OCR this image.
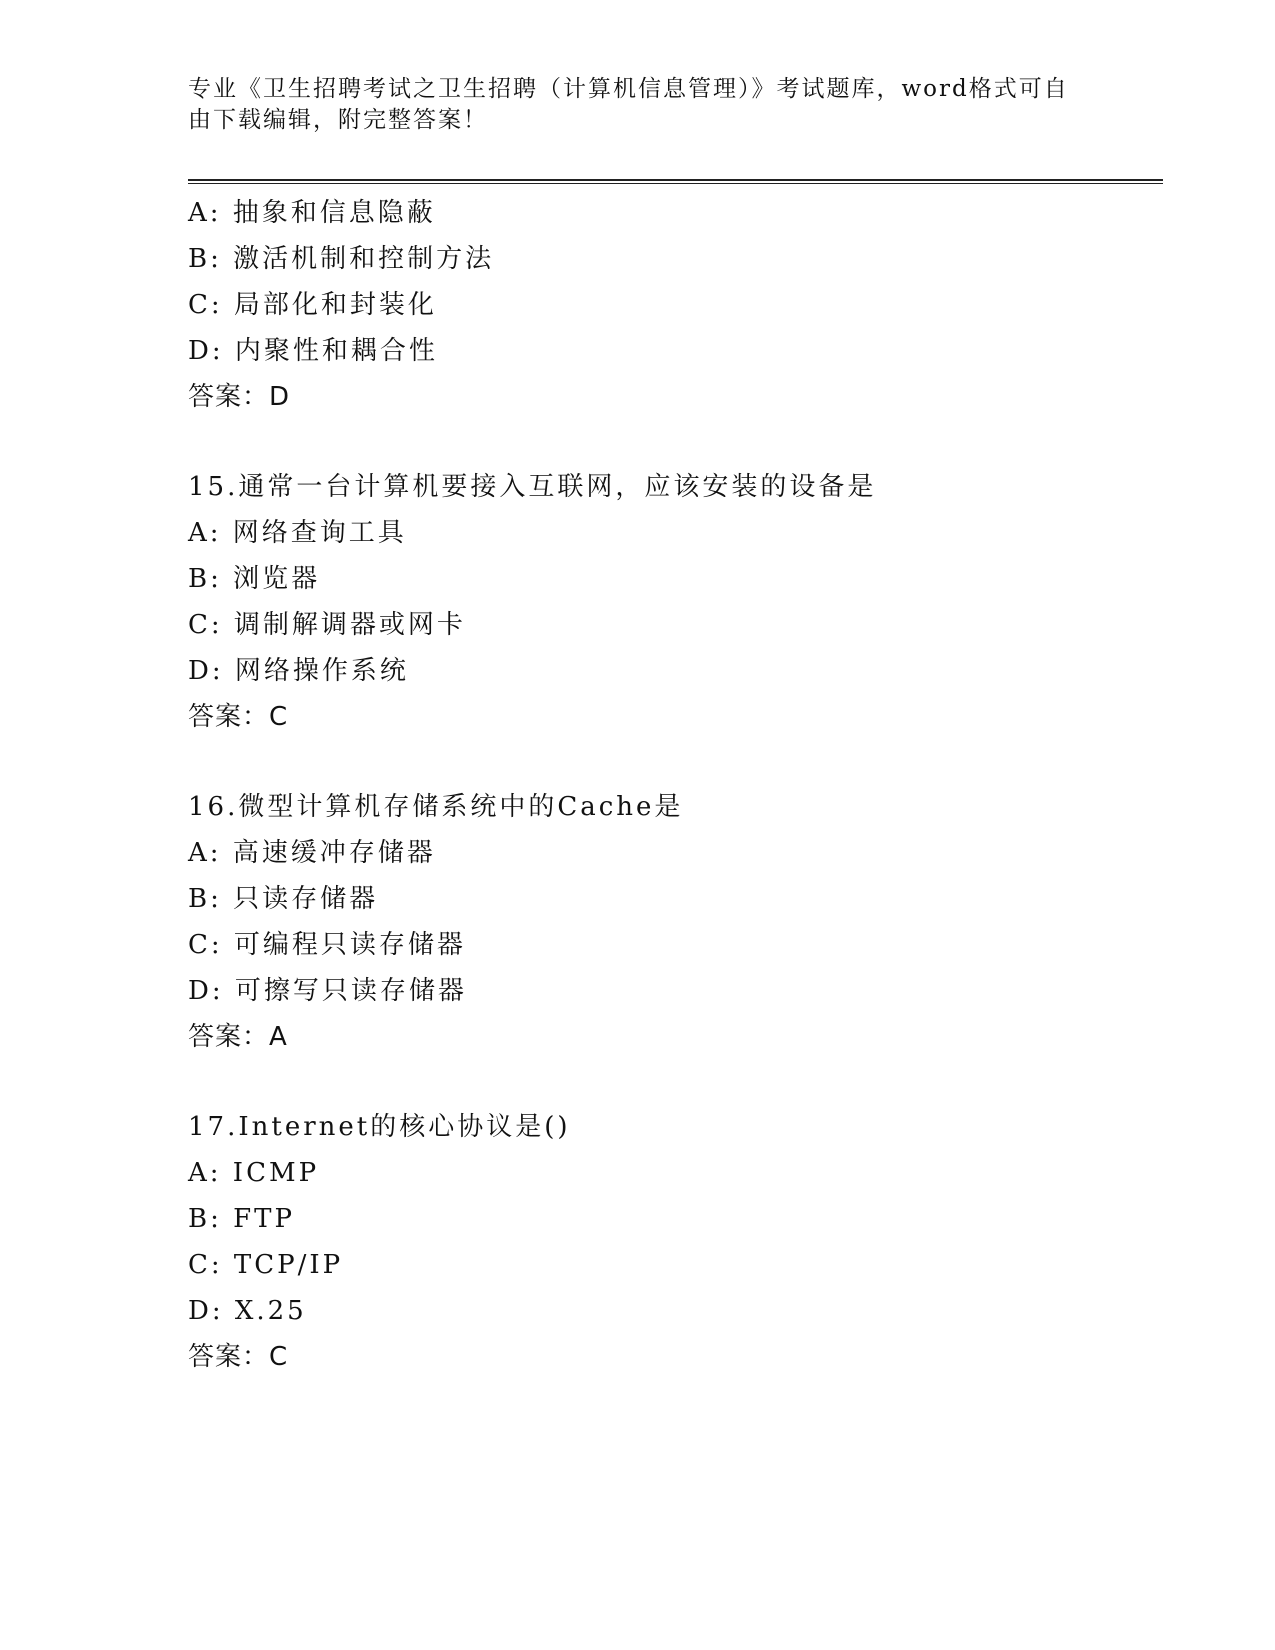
专业《卫生招聘考试之卫生招聘（计算机信息管理）》考试题库，word格式可自
由下载编辑，附完整答案！
A: 抽象和信息隐蔽
B: 激活机制和控制方法
C: 局部化和封装化
D: 内聚性和耦合性
答案：D
15.通常一台计算机要接入互联网，应该安装的设备是
A: 网络查询工具
B: 浏览器
C: 调制解调器或网卡
D: 网络操作系统
答案：C
16.微型计算机存储系统中的Cache是
A: 高速缓冲存储器
B: 只读存储器
C: 可编程只读存储器
D: 可擦写只读存储器
答案：A
17.Internet的核心协议是()
A: ICMP
B: FTP
C: TCP/IP
D: X.25
答案：C
